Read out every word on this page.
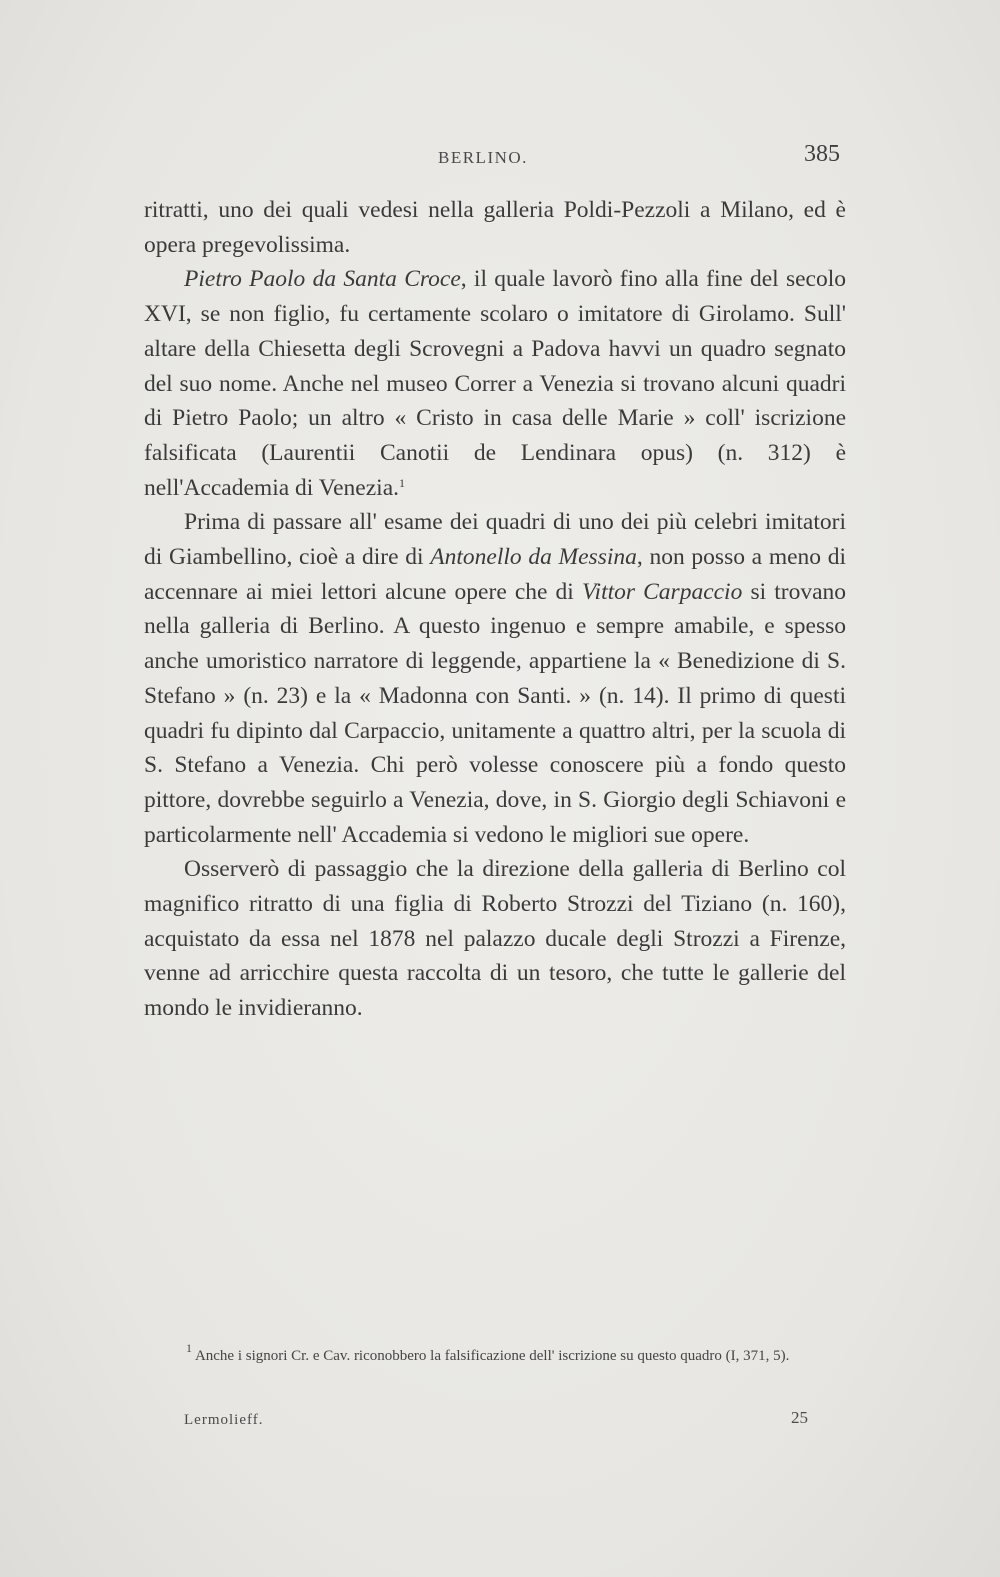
BERLINO.	385

ritratti, uno dei quali vedesi nella galleria Poldi-Pezzoli a Milano, ed è opera pregevolissima.

Pietro Paolo da Santa Croce, il quale lavorò fino alla fine del secolo XVI, se non figlio, fu certamente scolaro o imitatore di Girolamo. Sull' altare della Chiesetta degli Scrovegni a Padova havvi un quadro segnato del suo nome. Anche nel museo Correr a Venezia si trovano alcuni quadri di Pietro Paolo; un altro « Cristo in casa delle Marie » coll' iscrizione falsificata (Laurentii Canotii de Lendinara opus) (n. 312) è nell'Accademia di Venezia.$^1$

Prima di passare all' esame dei quadri di uno dei più celebri imitatori di Giambellino, cioè a dire di Antonello da Messina, non posso a meno di accennare ai miei lettori alcune opere che di Vittor Carpaccio si trovano nella galleria di Berlino. A questo ingenuo e sempre amabile, e spesso anche umoristico narratore di leggende, appartiene la « Benedizione di S. Stefano » (n. 23) e la « Madonna con Santi. » (n. 14). Il primo di questi quadri fu dipinto dal Carpaccio, unitamente a quattro altri, per la scuola di S. Stefano a Venezia. Chi però volesse conoscere più a fondo questo pittore, dovrebbe seguirlo a Venezia, dove, in S. Giorgio degli Schiavoni e particolarmente nell' Accademia si vedono le migliori sue opere.

Osserverò di passaggio che la direzione della galleria di Berlino col magnifico ritratto di una figlia di Roberto Strozzi del Tiziano (n. 160), acquistato da essa nel 1878 nel palazzo ducale degli Strozzi a Firenze, venne ad arricchire questa raccolta di un tesoro, che tutte le gallerie del mondo le invidieranno.

$^1$ Anche i signori Cr. e Cav. riconobbero la falsificazione dell' iscrizione su questo quadro (I, 371, 5).

Lermolieff.	25
